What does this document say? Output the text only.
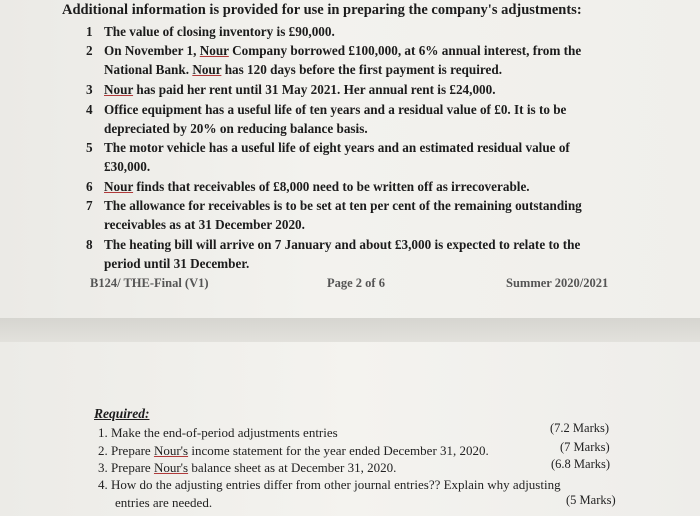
Additional information is provided for use in preparing the company's adjustments:
1 The value of closing inventory is £90,000.
2 On November 1, Nour Company borrowed £100,000, at 6% annual interest, from the
National Bank. Nour has 120 days before the first payment is required.
3 Nour has paid her rent until 31 May 2021. Her annual rent is £24,000.
4 Office equipment has a useful life of ten years and a residual value of £0. It is to be
depreciated by 20% on reducing balance basis.
5 The motor vehicle has a useful life of eight years and an estimated residual value of
£30,000.
6 Nour finds that receivables of £8,000 need to be written off as irrecoverable.
7 The allowance for receivables is to be set at ten per cent of the remaining outstanding
receivables as at 31 December 2020.
8 The heating bill will arrive on 7 January and about £3,000 is expected to relate to the
period until 31 December.
B124/ THE-Final (V1)	Page 2 of 6	Summer 2020/2021
Required:
1. Make the end-of-period adjustments entries	(7.2 Marks)
2. Prepare Nour's income statement for the year ended December 31, 2020.	(7 Marks)
3. Prepare Nour's balance sheet as at December 31, 2020.	(6.8 Marks)
4. How do the adjusting entries differ from other journal entries?? Explain why adjusting
entries are needed.	(5 Marks)
